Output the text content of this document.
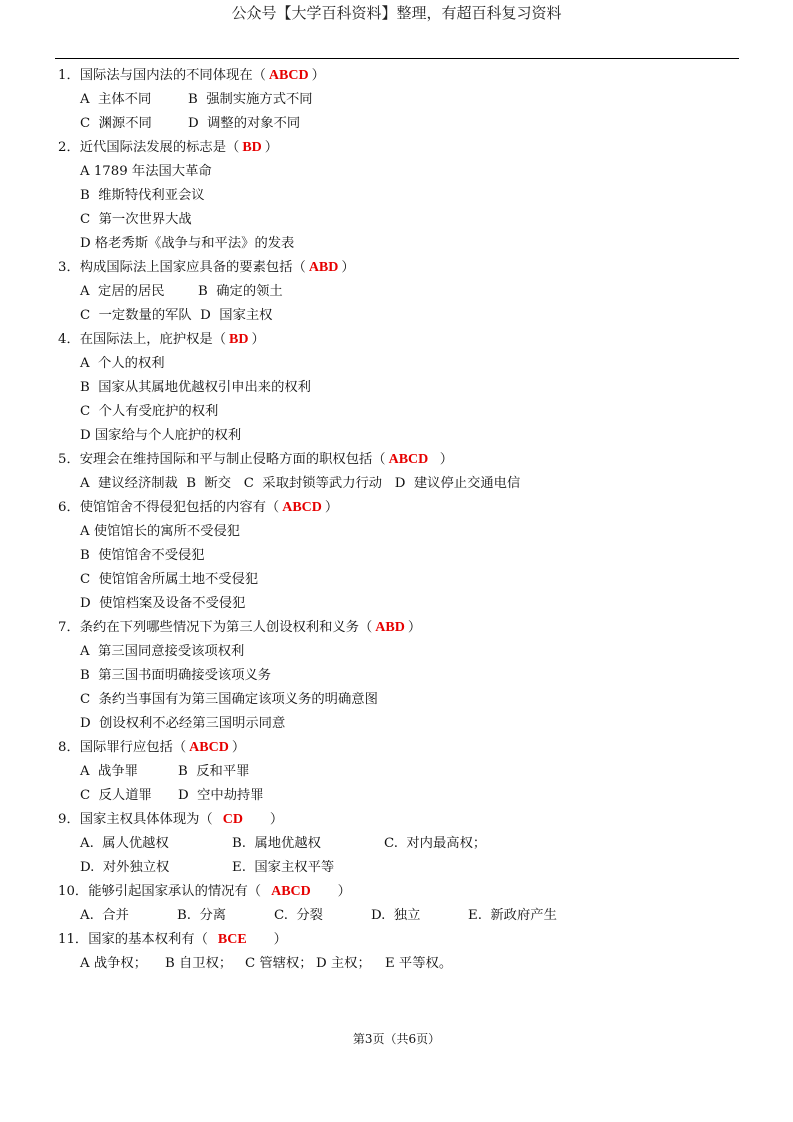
公众号【大学百科资料】整理，有超百科复习资料
1．国际法与国内法的不同体现在（ ABCD ）
A  主体不同	B  强制实施方式不同
C  渊源不同	D  调整的对象不同
2．近代国际法发展的标志是（ BD ）
A 1789 年法国大革命
B  维斯特伐利亚会议
C  第一次世界大战
D 格老秀斯《战争与和平法》的发表
3．构成国际法上国家应具备的要素包括（ ABD ）
A  定居的居民	B  确定的领土
C  一定数量的军队  D  国家主权
4．在国际法上，庇护权是（ BD ）
A  个人的权利
B  国家从其属地优越权引申出来的权利
C  个人有受庇护的权利
D 国家给与个人庇护的权利
5．安理会在维持国际和平与制止侵略方面的职权包括（ ABCD  ）
A  建议经济制裁  B  断交   C  采取封锁等武力行动   D  建议停止交通电信
6．使馆馆舍不得侵犯包括的内容有（ ABCD ）
A 使馆馆长的寓所不受侵犯
B  使馆馆舍不受侵犯
C  使馆馆舍所属土地不受侵犯
D  使馆档案及设备不受侵犯
7．条约在下列哪些情况下为第三人创设权利和义务（ ABD ）
A  第三国同意接受该项权利
B  第三国书面明确接受该项义务
C  条约当事国有为第三国确定该项义务的明确意图
D  创设权利不必经第三国明示同意
8．国际罪行应包括（ ABCD ）
A  战争罪	B  反和平罪
C  反人道罪 D  空中劫持罪
9．国家主权具体体现为（  CD      ）
A.  属人优越权	B.  属地优越权	C.  对内最高权；
D.  对外独立权	E.  国家主权平等
10．能够引起国家承认的情况有（  ABCD      ）
A.  合并	B.  分离	C.  分裂	D.  独立	E.  新政府产生
11．国家的基本权利有（  BCE      ）
A 战争权； B 自卫权； C 管辖权； D 主权； E 平等权。
第3页（共6页）
